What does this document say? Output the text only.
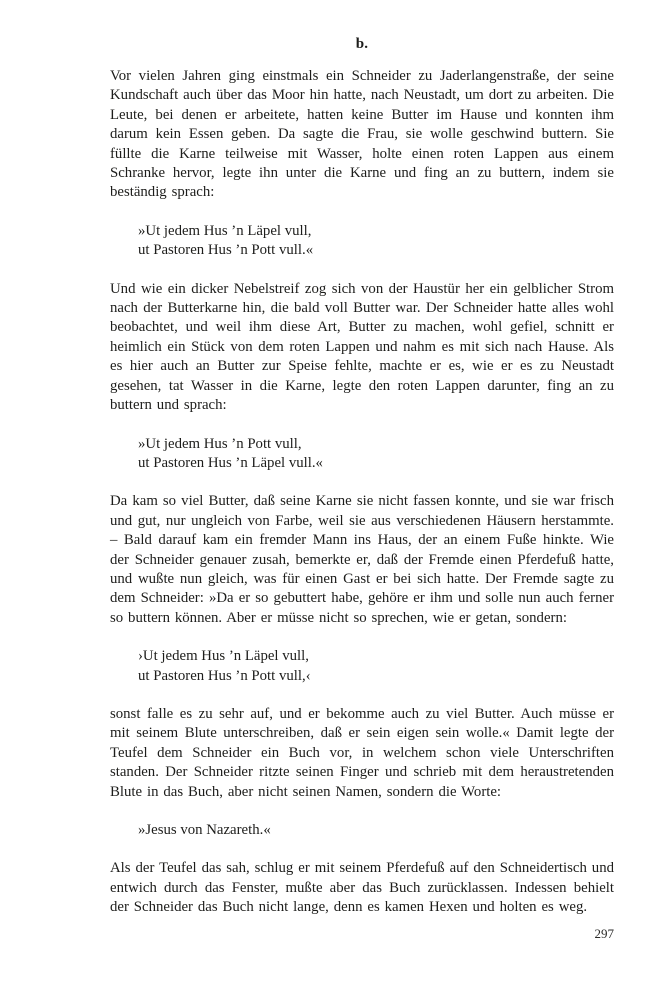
b.

Vor vielen Jahren ging einstmals ein Schneider zu Jaderlangenstraße, der seine Kundschaft auch über das Moor hin hatte, nach Neustadt, um dort zu arbeiten. Die Leute, bei denen er arbeitete, hatten keine Butter im Hause und konnten ihm darum kein Essen geben. Da sagte die Frau, sie wolle geschwind buttern. Sie füllte die Karne teilweise mit Wasser, holte einen roten Lappen aus einem Schranke hervor, legte ihn unter die Karne und fing an zu buttern, indem sie beständig sprach:

»Ut jedem Hus ’n Läpel vull,
ut Pastoren Hus ’n Pott vull.«

Und wie ein dicker Nebelstreif zog sich von der Haustür her ein gelblicher Strom nach der Butterkarne hin, die bald voll Butter war. Der Schneider hatte alles wohl beobachtet, und weil ihm diese Art, Butter zu machen, wohl gefiel, schnitt er heimlich ein Stück von dem roten Lappen und nahm es mit sich nach Hause. Als es hier auch an Butter zur Speise fehlte, machte er es, wie er es zu Neustadt gesehen, tat Wasser in die Karne, legte den roten Lappen darunter, fing an zu buttern und sprach:

»Ut jedem Hus ’n Pott vull,
ut Pastoren Hus ’n Läpel vull.«

Da kam so viel Butter, daß seine Karne sie nicht fassen konnte, und sie war frisch und gut, nur ungleich von Farbe, weil sie aus verschiedenen Häusern herstammte. – Bald darauf kam ein fremder Mann ins Haus, der an einem Fuße hinkte. Wie der Schneider genauer zusah, bemerkte er, daß der Fremde einen Pferdefuß hatte, und wußte nun gleich, was für einen Gast er bei sich hatte. Der Fremde sagte zu dem Schneider: »Da er so gebuttert habe, gehöre er ihm und solle nun auch ferner so buttern können. Aber er müsse nicht so sprechen, wie er getan, sondern:

›Ut jedem Hus ’n Läpel vull,
ut Pastoren Hus ’n Pott vull,‹

sonst falle es zu sehr auf, und er bekomme auch zu viel Butter. Auch müsse er mit seinem Blute unterschreiben, daß er sein eigen sein wolle.« Damit legte der Teufel dem Schneider ein Buch vor, in welchem schon viele Unterschriften standen. Der Schneider ritzte seinen Finger und schrieb mit dem heraustretenden Blute in das Buch, aber nicht seinen Namen, sondern die Worte:

»Jesus von Nazareth.«

Als der Teufel das sah, schlug er mit seinem Pferdefuß auf den Schneidertisch und entwich durch das Fenster, mußte aber das Buch zurücklassen. Indessen behielt der Schneider das Buch nicht lange, denn es kamen Hexen und holten es weg.

297
